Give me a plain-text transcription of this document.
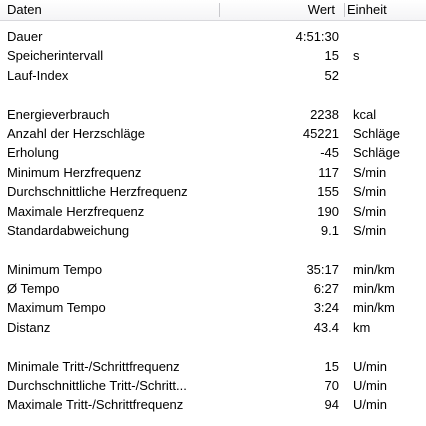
Daten	Wert Einheit
Dauer	4:51:30
Speicherintervall	15	s
Lauf-Index	52
Energieverbrauch	2238	kcal
Anzahl der Herzschläge	45221	Schläge
Erholung	-45	Schläge
Minimum Herzfrequenz	117	S/min
Durchschnittliche Herzfrequenz	155	S/min
Maximale Herzfrequenz	190	S/min
Standardabweichung	9.1	S/min
Minimum Tempo	35:17	min/km
Ø Tempo	6:27	min/km
Maximum Tempo	3:24	min/km
Distanz	43.4	km
Minimale Tritt-/Schrittfrequenz	15	U/min
Durchschnittliche Tritt-/Schritt...	70	U/min
Maximale Tritt-/Schrittfrequenz	94	U/min
